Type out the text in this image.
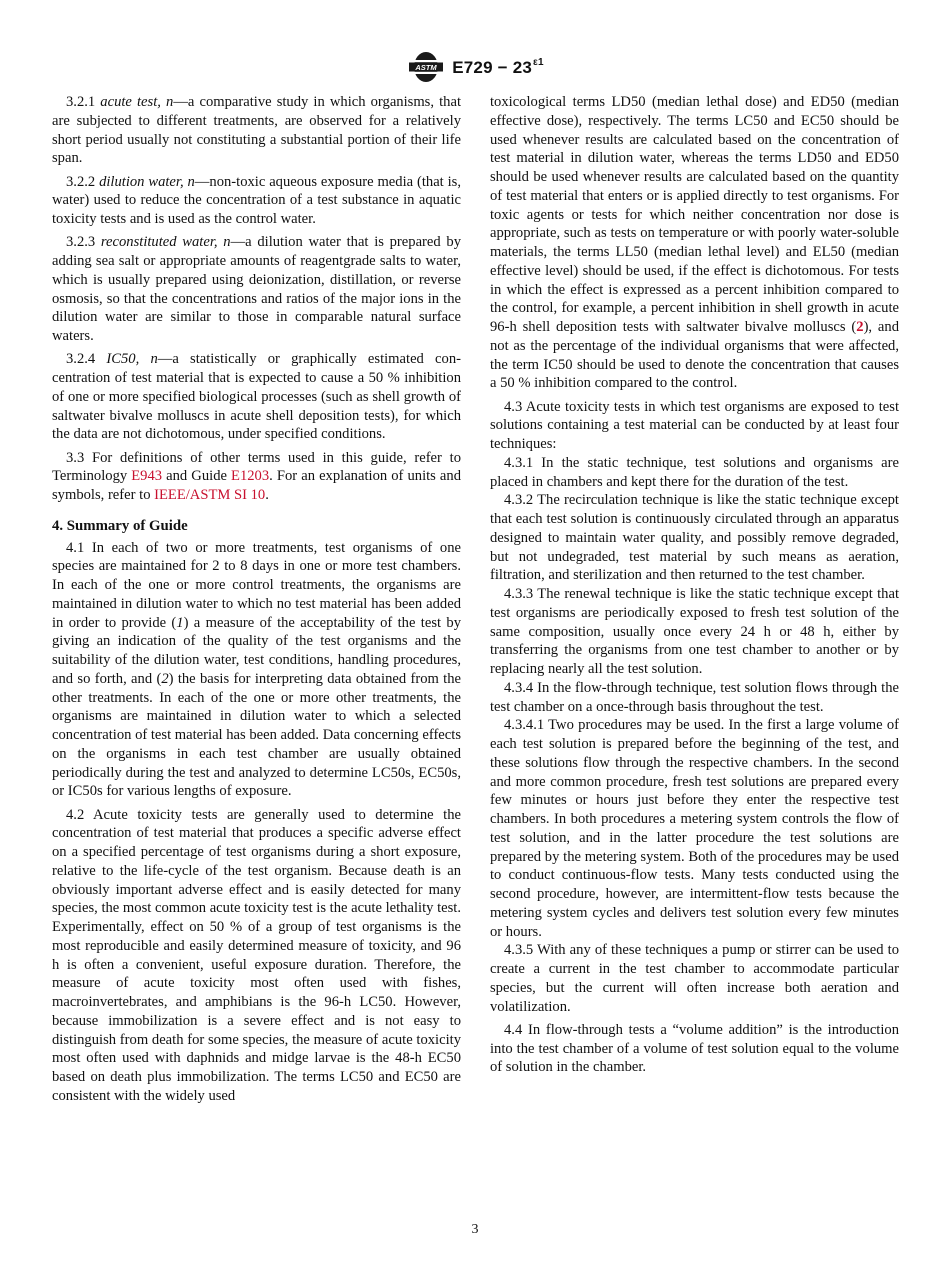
ASTM $E729 - 23^{\varepsilon 1}$

3.2.1 acute test, n—a comparative study in which organisms, that are subjected to different treatments, are observed for a relatively short period usually not constituting a substantial portion of their life span.

3.2.2 dilution water, n—non-toxic aqueous exposure media (that is, water) used to reduce the concentration of a test substance in aquatic toxicity tests and is used as the control water.

3.2.3 reconstituted water, n—a dilution water that is prepared by adding sea salt or appropriate amounts of reagentgrade salts to water, which is usually prepared using deionization, distillation, or reverse osmosis, so that the concentrations and ratios of the major ions in the dilution water are similar to those in comparable natural surface waters.

3.2.4 IC50, n—a statistically or graphically estimated concentration of test material that is expected to cause a 50 % inhibition of one or more specified biological processes (such as shell growth of saltwater bivalve molluscs in acute shell deposition tests), for which the data are not dichotomous, under specified conditions.

3.3 For definitions of other terms used in this guide, refer to Terminology E943 and Guide E1203. For an explanation of units and symbols, refer to IEEE/ASTM SI 10.

4. Summary of Guide

4.1 In each of two or more treatments, test organisms of one species are maintained for 2 to 8 days in one or more test chambers. In each of the one or more control treatments, the organisms are maintained in dilution water to which no test material has been added in order to provide (1) a measure of the acceptability of the test by giving an indication of the quality of the test organisms and the suitability of the dilution water, test conditions, handling procedures, and so forth, and (2) the basis for interpreting data obtained from the other treatments. In each of the one or more other treatments, the organisms are maintained in dilution water to which a selected concentration of test material has been added. Data concerning effects on the organisms in each test chamber are usually obtained periodically during the test and analyzed to determine LC50s, EC50s, or IC50s for various lengths of exposure.

4.2 Acute toxicity tests are generally used to determine the concentration of test material that produces a specific adverse effect on a specified percentage of test organisms during a short exposure, relative to the life-cycle of the test organism. Because death is an obviously important adverse effect and is easily detected for many species, the most common acute toxicity test is the acute lethality test. Experimentally, effect on 50 % of a group of test organisms is the most reproducible and easily determined measure of toxicity, and 96 h is often a convenient, useful exposure duration. Therefore, the measure of acute toxicity most often used with fishes, macroinvertebrates, and amphibians is the 96-h LC50. However, because immobilization is a severe effect and is not easy to distinguish from death for some species, the measure of acute toxicity most often used with daphnids and midge larvae is the 48-h EC50 based on death plus immobilization. The terms LC50 and EC50 are consistent with the widely used

toxicological terms LD50 (median lethal dose) and ED50 (median effective dose), respectively. The terms LC50 and EC50 should be used whenever results are calculated based on the concentration of test material in dilution water, whereas the terms LD50 and ED50 should be used whenever results are calculated based on the quantity of test material that enters or is applied directly to test organisms. For toxic agents or tests for which neither concentration nor dose is appropriate, such as tests on temperature or with poorly water-soluble materials, the terms LL50 (median lethal level) and EL50 (median effective level) should be used, if the effect is dichotomous. For tests in which the effect is expressed as a percent inhibition compared to the control, for example, a percent inhibition in shell growth in acute 96-h shell deposition tests with saltwater bivalve molluscs (2), and not as the percentage of the individual organisms that were affected, the term IC50 should be used to denote the concentration that causes a 50 % inhibition compared to the control.

4.3 Acute toxicity tests in which test organisms are exposed to test solutions containing a test material can be conducted by at least four techniques:

4.3.1 In the static technique, test solutions and organisms are placed in chambers and kept there for the duration of the test.

4.3.2 The recirculation technique is like the static technique except that each test solution is continuously circulated through an apparatus designed to maintain water quality, and possibly remove degraded, but not undegraded, test material by such means as aeration, filtration, and sterilization and then returned to the test chamber.

4.3.3 The renewal technique is like the static technique except that test organisms are periodically exposed to fresh test solution of the same composition, usually once every 24 h or 48 h, either by transferring the organisms from one test chamber to another or by replacing nearly all the test solution.

4.3.4 In the flow-through technique, test solution flows through the test chamber on a once-through basis throughout the test.

4.3.4.1 Two procedures may be used. In the first a large volume of each test solution is prepared before the beginning of the test, and these solutions flow through the respective chambers. In the second and more common procedure, fresh test solutions are prepared every few minutes or hours just before they enter the respective test chambers. In both procedures a metering system controls the flow of test solution, and in the latter procedure the test solutions are prepared by the metering system. Both of the procedures may be used to conduct continuous-flow tests. Many tests conducted using the second procedure, however, are intermittent-flow tests because the metering system cycles and delivers test solution every few minutes or hours.

4.3.5 With any of these techniques a pump or stirrer can be used to create a current in the test chamber to accommodate particular species, but the current will often increase both aeration and volatilization.

4.4 In flow-through tests a “volume addition” is the introduction into the test chamber of a volume of test solution equal to the volume of solution in the chamber.

3
